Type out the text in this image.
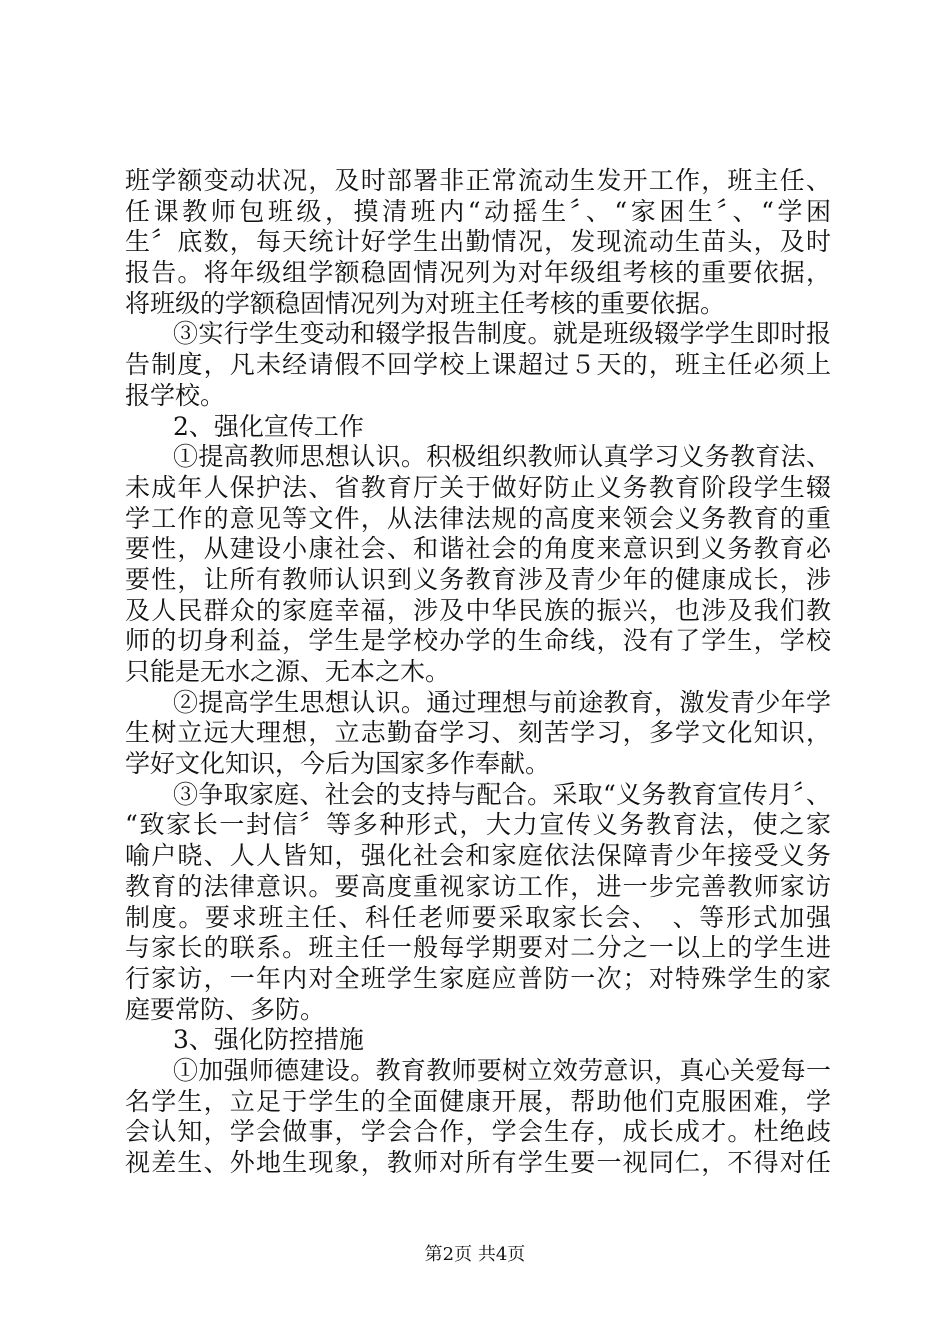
班学额变动状况，及时部署非正常流动生发开工作，班主任、
任课教师包班级，摸清班内“动摇生〞、“家困生〞、“学困
生〞底数，每天统计好学生出勤情况，发现流动生苗头，及时
报告。将年级组学额稳固情况列为对年级组考核的重要依据，
将班级的学额稳固情况列为对班主任考核的重要依据。
③实行学生变动和辍学报告制度。就是班级辍学学生即时报
告制度，凡未经请假不回学校上课超过５天的，班主任必须上
报学校。
2、强化宣传工作
①提高教师思想认识。积极组织教师认真学习义务教育法、
未成年人保护法、省教育厅关于做好防止义务教育阶段学生辍
学工作的意见等文件，从法律法规的高度来领会义务教育的重
要性，从建设小康社会、和谐社会的角度来意识到义务教育必
要性，让所有教师认识到义务教育涉及青少年的健康成长，涉
及人民群众的家庭幸福，涉及中华民族的振兴，也涉及我们教
师的切身利益，学生是学校办学的生命线，没有了学生，学校
只能是无水之源、无本之木。
②提高学生思想认识。通过理想与前途教育，激发青少年学
生树立远大理想，立志勤奋学习、刻苦学习，多学文化知识，
学好文化知识，今后为国家多作奉献。
③争取家庭、社会的支持与配合。采取“义务教育宣传月〞、
“致家长一封信〞等多种形式，大力宣传义务教育法，使之家
喻户晓、人人皆知，强化社会和家庭依法保障青少年接受义务
教育的法律意识。要高度重视家访工作，进一步完善教师家访
制度。要求班主任、科任老师要采取家长会、　、等形式加强
与家长的联系。班主任一般每学期要对二分之一以上的学生进
行家访，一年内对全班学生家庭应普防一次；对特殊学生的家
庭要常防、多防。
3、强化防控措施
①加强师德建设。教育教师要树立效劳意识，真心关爱每一
名学生，立足于学生的全面健康开展，帮助他们克服困难，学
会认知，学会做事，学会合作，学会生存，成长成才。杜绝歧
视差生、外地生现象，教师对所有学生要一视同仁，不得对任
第2页 共4页
